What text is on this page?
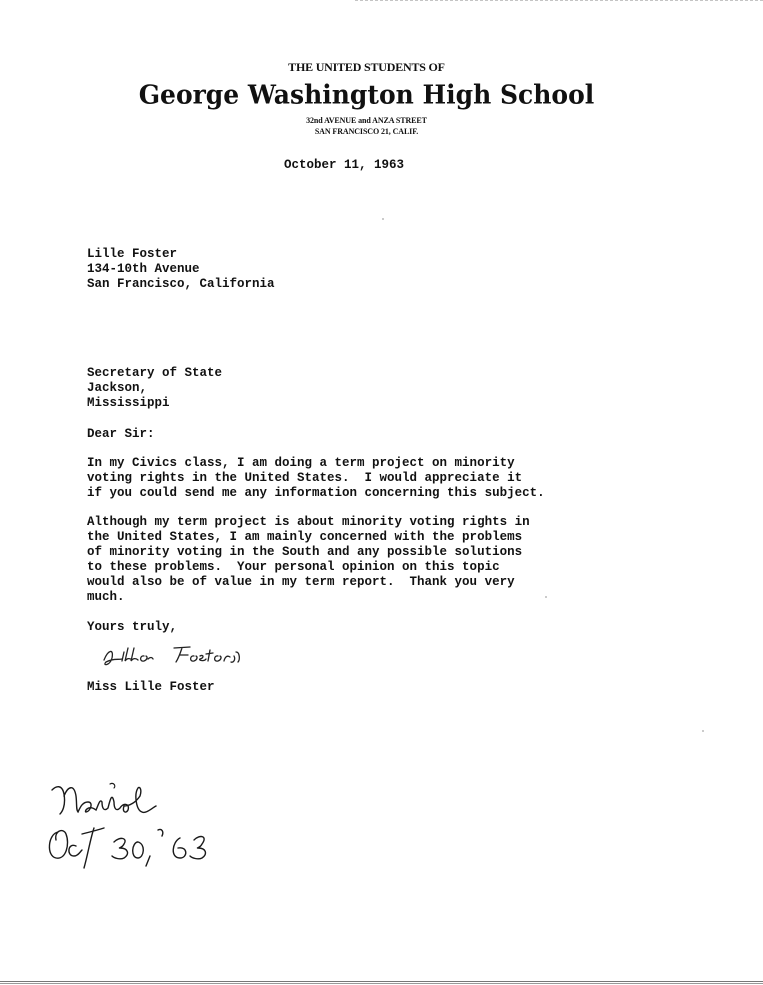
THE UNITED STUDENTS OF
George Washington High School
32nd AVENUE and ANZA STREET
SAN FRANCISCO 21, CALIF.
October 11, 1963
Lille Foster
134-10th Avenue
San Francisco, California
Secretary of State
Jackson,
Mississippi
Dear Sir:
In my Civics class, I am doing a term project on minority
voting rights in the United States.  I would appreciate it
if you could send me any information concerning this subject.
Although my term project is about minority voting rights in
the United States, I am mainly concerned with the problems
of minority voting in the South and any possible solutions
to these problems.  Your personal opinion on this topic
would also be of value in my term report.  Thank you very
much.
Yours truly,
Miss Lille Foster
